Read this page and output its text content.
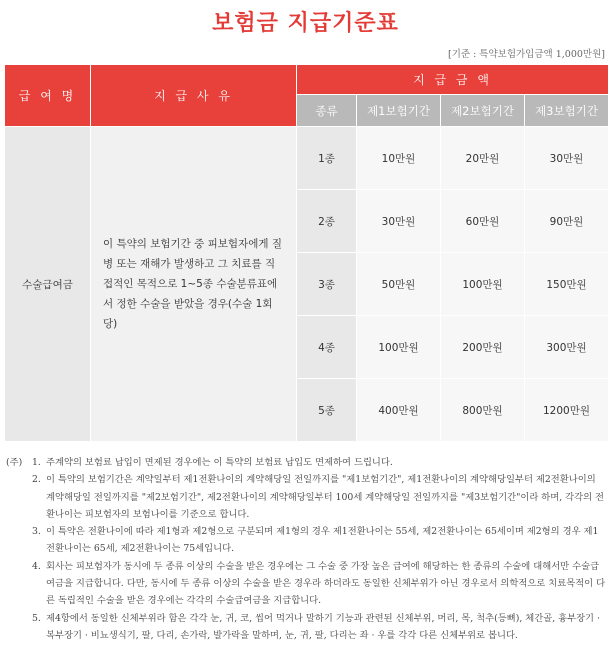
보험금 지급기준표
[기준 : 특약보험가입금액 1,000만원]
급 여 명	지 급 사 유	지 급 금 액			
		종류	제1보험기간	제2보험기간	제3보험기간
수술급여금	이 특약의 보험기간 중 피보험자에게 질병 또는 재해가 발생하고 그 치료를 직접적인 목적으로 1~5종 수술분류표에서 정한 수술을 받았을 경우(수술 1회당)	1종	10만원	20만원	30만원
		2종	30만원	60만원	90만원
		3종	50만원	100만원	150만원
		4종	100만원	200만원	300만원
		5종	400만원	800만원	1200만원
(주)	1. 주계약의 보험료 납입이 면제된 경우에는 이 특약의 보험료 납입도 면제하여 드립니다.
2. 이 특약의 보험기간은 계약일부터 제1전환나이의 계약해당일 전일까지를 "제1보험기간", 제1전환나이의 계약해당일부터 제2전환나이의 계약해당일 전일까지를 "제2보험기간", 제2전환나이의 계약해당일부터 100세 계약해당일 전일까지를 "제3보험기간"이라 하며, 각각의 전환나이는 피보험자의 보험나이를 기준으로 합니다.
3. 이 특약은 전환나이에 따라 제1형과 제2형으로 구분되며 제1형의 경우 제1전환나이는 55세, 제2전환나이는 65세이며 제2형의 경우 제1전환나이는 65세, 제2전환나이는 75세입니다.
4. 회사는 피보험자가 동시에 두 종류 이상의 수술을 받은 경우에는 그 수술 중 가장 높은 급여에 해당하는 한 종류의 수술에 대해서만 수술급여금을 지급합니다. 다만, 동시에 두 종류 이상의 수술을 받은 경우라 하더라도 동일한 신체부위가 아닌 경우로서 의학적으로 치료목적이 다른 독립적인 수술을 받은 경우에는 각각의 수술급여금을 지급합니다.
5. 제4항에서 동일한 신체부위라 함은 각각 눈, 귀, 코, 씹어 먹거나 말하기 기능과 관련된 신체부위, 머리, 목, 척추(등뼈), 체간골, 흉부장기 · 복부장기 · 비뇨생식기, 팔, 다리, 손가락, 발가락을 말하며, 눈, 귀, 팔, 다리는 좌 · 우를 각각 다른 신체부위로 봅니다.
